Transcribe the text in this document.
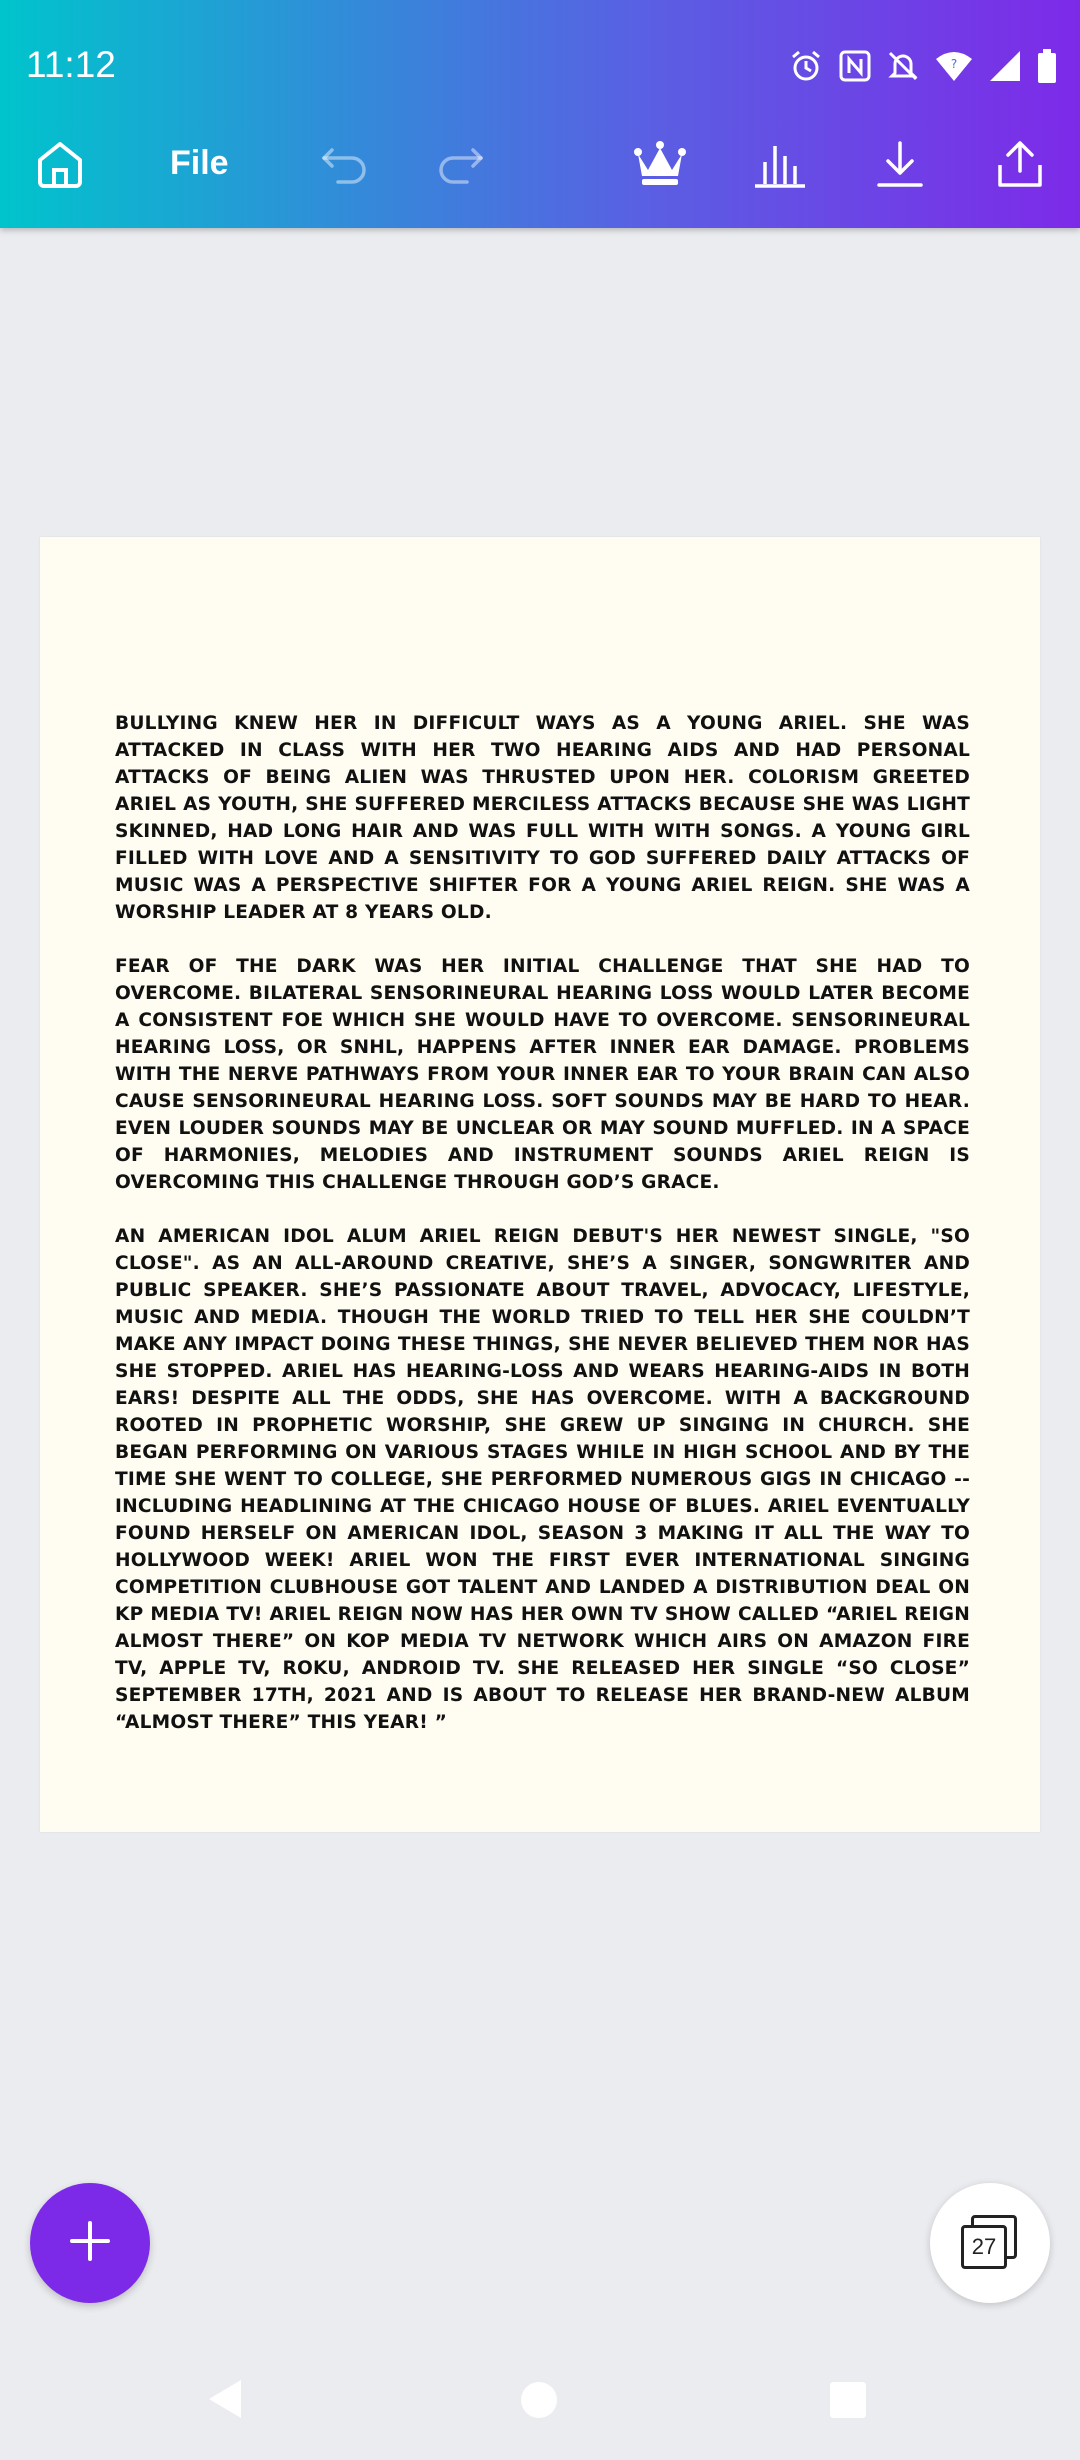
11:12	?
File

BULLYING KNEW HER IN DIFFICULT WAYS AS A YOUNG ARIEL. SHE WAS ATTACKED IN CLASS WITH HER TWO HEARING AIDS AND HAD PERSONAL ATTACKS OF BEING ALIEN WAS THRUSTED UPON HER. COLORISM GREETED ARIEL AS YOUTH, SHE SUFFERED MERCILESS ATTACKS BECAUSE SHE WAS LIGHT SKINNED, HAD LONG HAIR AND WAS FULL WITH WITH SONGS. A YOUNG GIRL FILLED WITH LOVE AND A SENSITIVITY TO GOD SUFFERED DAILY ATTACKS OF MUSIC WAS A PERSPECTIVE SHIFTER FOR A YOUNG ARIEL REIGN. SHE WAS A WORSHIP LEADER AT 8 YEARS OLD.

FEAR OF THE DARK WAS HER INITIAL CHALLENGE THAT SHE HAD TO OVERCOME. BILATERAL SENSORINEURAL HEARING LOSS WOULD LATER BECOME A CONSISTENT FOE WHICH SHE WOULD HAVE TO OVERCOME. SENSORINEURAL HEARING LOSS, OR SNHL, HAPPENS AFTER INNER EAR DAMAGE. PROBLEMS WITH THE NERVE PATHWAYS FROM YOUR INNER EAR TO YOUR BRAIN CAN ALSO CAUSE SENSORINEURAL HEARING LOSS. SOFT SOUNDS MAY BE HARD TO HEAR. EVEN LOUDER SOUNDS MAY BE UNCLEAR OR MAY SOUND MUFFLED. IN A SPACE OF HARMONIES, MELODIES AND INSTRUMENT SOUNDS ARIEL REIGN IS OVERCOMING THIS CHALLENGE THROUGH GOD’S GRACE.

AN AMERICAN IDOL ALUM ARIEL REIGN DEBUT'S HER NEWEST SINGLE, "SO CLOSE". AS AN ALL-AROUND CREATIVE, SHE’S A SINGER, SONGWRITER AND PUBLIC SPEAKER. SHE’S PASSIONATE ABOUT TRAVEL, ADVOCACY, LIFESTYLE, MUSIC AND MEDIA. THOUGH THE WORLD TRIED TO TELL HER SHE COULDN’T MAKE ANY IMPACT DOING THESE THINGS, SHE NEVER BELIEVED THEM NOR HAS SHE STOPPED. ARIEL HAS HEARING-LOSS AND WEARS HEARING-AIDS IN BOTH EARS! DESPITE ALL THE ODDS, SHE HAS OVERCOME. WITH A BACKGROUND ROOTED IN PROPHETIC WORSHIP, SHE GREW UP SINGING IN CHURCH. SHE BEGAN PERFORMING ON VARIOUS STAGES WHILE IN HIGH SCHOOL AND BY THE TIME SHE WENT TO COLLEGE, SHE PERFORMED NUMEROUS GIGS IN CHICAGO --INCLUDING HEADLINING AT THE CHICAGO HOUSE OF BLUES. ARIEL EVENTUALLY FOUND HERSELF ON AMERICAN IDOL, SEASON 3 MAKING IT ALL THE WAY TO HOLLYWOOD WEEK! ARIEL WON THE FIRST EVER INTERNATIONAL SINGING COMPETITION CLUBHOUSE GOT TALENT AND LANDED A DISTRIBUTION DEAL ON KP MEDIA TV! ARIEL REIGN NOW HAS HER OWN TV SHOW CALLED “ARIEL REIGN ALMOST THERE” ON KOP MEDIA TV NETWORK WHICH AIRS ON AMAZON FIRE TV, APPLE TV, ROKU, ANDROID TV. SHE RELEASED HER SINGLE “SO CLOSE” SEPTEMBER 17TH, 2021 AND IS ABOUT TO RELEASE HER BRAND-NEW ALBUM “ALMOST THERE” THIS YEAR! ”

27
